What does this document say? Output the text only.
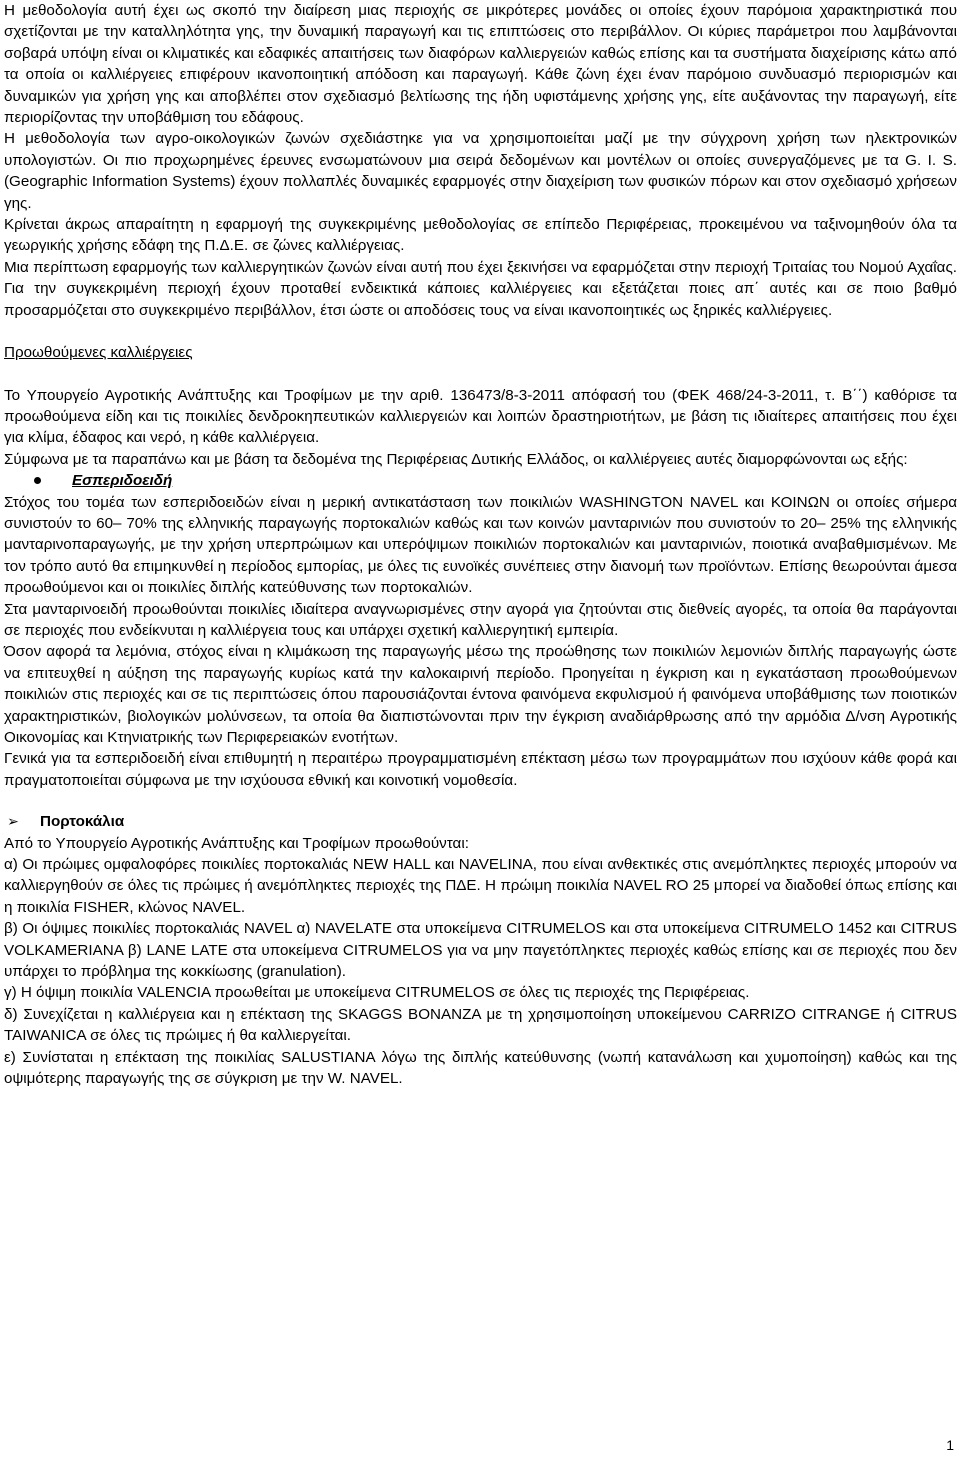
Η μεθοδολογία αυτή έχει ως σκοπό την διαίρεση μιας περιοχής σε μικρότερες μονάδες οι οποίες έχουν παρόμοια χαρακτηριστικά που σχετίζονται με την καταλληλότητα γης, την δυναμική παραγωγή και τις επιπτώσεις στο περιβάλλον. Οι κύριες παράμετροι που λαμβάνονται σοβαρά υπόψη είναι οι κλιματικές και εδαφικές απαιτήσεις των διαφόρων καλλιεργειών καθώς επίσης και τα συστήματα διαχείρισης κάτω από τα οποία οι καλλιέργειες επιφέρουν ικανοποιητική απόδοση και παραγωγή. Κάθε ζώνη έχει έναν παρόμοιο συνδυασμό περιορισμών και δυναμικών για χρήση γης και αποβλέπει στον σχεδιασμό βελτίωσης της ήδη υφιστάμενης χρήσης γης, είτε αυξάνοντας την παραγωγή, είτε περιορίζοντας την υποβάθμιση του εδάφους.

Η μεθοδολογία των αγρο-οικολογικών ζωνών σχεδιάστηκε για να χρησιμοποιείται μαζί με την σύγχρονη χρήση των ηλεκτρονικών υπολογιστών. Οι πιο προχωρημένες έρευνες ενσωματώνουν μια σειρά δεδομένων και μοντέλων οι οποίες συνεργαζόμενες με τα G. I. S. (Geographic Information Systems) έχουν πολλαπλές δυναμικές εφαρμογές στην διαχείριση των φυσικών πόρων και στον σχεδιασμό χρήσεων γης.

Κρίνεται άκρως απαραίτητη η εφαρμογή της συγκεκριμένης μεθοδολογίας σε επίπεδο Περιφέρειας, προκειμένου να ταξινομηθούν όλα τα γεωργικής χρήσης εδάφη της Π.Δ.Ε. σε ζώνες καλλιέργειας.

Μια περίπτωση εφαρμογής των καλλιεργητικών ζωνών είναι αυτή που έχει ξεκινήσει να εφαρμόζεται στην περιοχή Τριταίας του Νομού Αχαΐας. Για την συγκεκριμένη περιοχή έχουν προταθεί ενδεικτικά κάποιες καλλιέργειες και εξετάζεται ποιες απ΄ αυτές και σε ποιο βαθμό προσαρμόζεται στο συγκεκριμένο περιβάλλον, έτσι ώστε οι αποδόσεις τους να είναι ικανοποιητικές ως ξηρικές καλλιέργειες.

Προωθούμενες καλλιέργειες

Το Υπουργείο Αγροτικής Ανάπτυξης και Τροφίμων με την αριθ. 136473/8-3-2011 απόφασή του (ΦΕΚ 468/24-3-2011, τ. Β΄΄) καθόρισε τα προωθούμενα είδη και τις ποικιλίες δενδροκηπευτικών καλλιεργειών και λοιπών δραστηριοτήτων, με βάση τις ιδιαίτερες απαιτήσεις που έχει για κλίμα, έδαφος και νερό, η κάθε καλλιέργεια.

Σύμφωνα με τα παραπάνω και με βάση τα δεδομένα της Περιφέρειας Δυτικής Ελλάδος, οι καλλιέργειες αυτές διαμορφώνονται ως εξής:

Εσπεριδοειδή

Στόχος του τομέα των εσπεριδοειδών είναι η μερική αντικατάσταση των ποικιλιών WASHINGTON NAVEL και ΚΟΙΝΩΝ οι οποίες σήμερα συνιστούν το 60– 70% της ελληνικής παραγωγής πορτοκαλιών καθώς και των κοινών μανταρινιών που συνιστούν το 20– 25% της ελληνικής μανταρινοπαραγωγής, με την χρήση υπερπρώιμων και υπερόψιμων ποικιλιών πορτοκαλιών και μανταρινιών, ποιοτικά αναβαθμισμένων. Με τον τρόπο αυτό θα επιμηκυνθεί η περίοδος εμπορίας, με όλες τις ευνοϊκές συνέπειες στην διανομή των προϊόντων. Επίσης θεωρούνται άμεσα προωθούμενοι και οι ποικιλίες διπλής κατεύθυνσης των πορτοκαλιών.

Στα μανταρινοειδή προωθούνται ποικιλίες ιδιαίτερα αναγνωρισμένες στην αγορά για ζητούνται στις διεθνείς αγορές, τα οποία θα παράγονται σε περιοχές που ενδείκνυται η καλλιέργεια τους και υπάρχει σχετική καλλιεργητική εμπειρία.

Όσον αφορά τα λεμόνια, στόχος είναι η κλιμάκωση της παραγωγής μέσω της προώθησης των ποικιλιών λεμονιών διπλής παραγωγής ώστε να επιτευχθεί η αύξηση της παραγωγής κυρίως κατά την καλοκαιρινή περίοδο. Προηγείται η έγκριση και η εγκατάσταση προωθούμενων ποικιλιών στις περιοχές και σε τις περιπτώσεις όπου παρουσιάζονται έντονα φαινόμενα εκφυλισμού ή φαινόμενα υποβάθμισης των ποιοτικών χαρακτηριστικών, βιολογικών μολύνσεων, τα οποία θα διαπιστώνονται πριν την έγκριση αναδιάρθρωσης από την αρμόδια Δ/νση Αγροτικής Οικονομίας και Κτηνιατρικής των Περιφερειακών ενοτήτων.

Γενικά για τα εσπεριδοειδή είναι επιθυμητή η περαιτέρω προγραμματισμένη επέκταση μέσω των προγραμμάτων που ισχύουν κάθε φορά και πραγματοποιείται σύμφωνα με την ισχύουσα εθνική και κοινοτική νομοθεσία.

➢ Πορτοκάλια

Από το Υπουργείο Αγροτικής Ανάπτυξης και Τροφίμων προωθούνται:

α) Οι πρώιμες ομφαλοφόρες ποικιλίες πορτοκαλιάς NEW HALL και NAVELINA, που είναι ανθεκτικές στις ανεμόπληκτες περιοχές μπορούν να καλλιεργηθούν σε όλες τις πρώιμες ή ανεμόπληκτες περιοχές της ΠΔΕ. Η πρώιμη ποικιλία NAVEL RO 25 μπορεί να διαδοθεί όπως επίσης και η ποικιλία FISHER, κλώνος NAVEL.

β) Οι όψιμες ποικιλίες πορτοκαλιάς NAVEL α) NAVELATE στα υποκείμενα CITRUMELOS και στα υποκείμενα CITRUMELO 1452 και CITRUS VOLKAMERIANA β) LANE LATE στα υποκείμενα CITRUMELOS για να μην παγετόπληκτες περιοχές καθώς επίσης και σε περιοχές που δεν υπάρχει το πρόβλημα της κοκκίωσης (granulation).

γ) Η όψιμη ποικιλία VALENCIA προωθείται με υποκείμενα CITRUMELOS σε όλες τις περιοχές της Περιφέρειας.

δ) Συνεχίζεται η καλλιέργεια και η επέκταση της SKAGGS BONANZA με τη χρησιμοποίηση υποκείμενου CARRIZO CITRANGE ή CITRUS TAIWANICA σε όλες τις πρώιμες ή θα καλλιεργείται.

ε) Συνίσταται η επέκταση της ποικιλίας SALUSTIANA λόγω της διπλής κατεύθυνσης (νωπή κατανάλωση και χυμοποίηση) καθώς και της οψιμότερης παραγωγής της σε σύγκριση με την W. NAVEL.

1
